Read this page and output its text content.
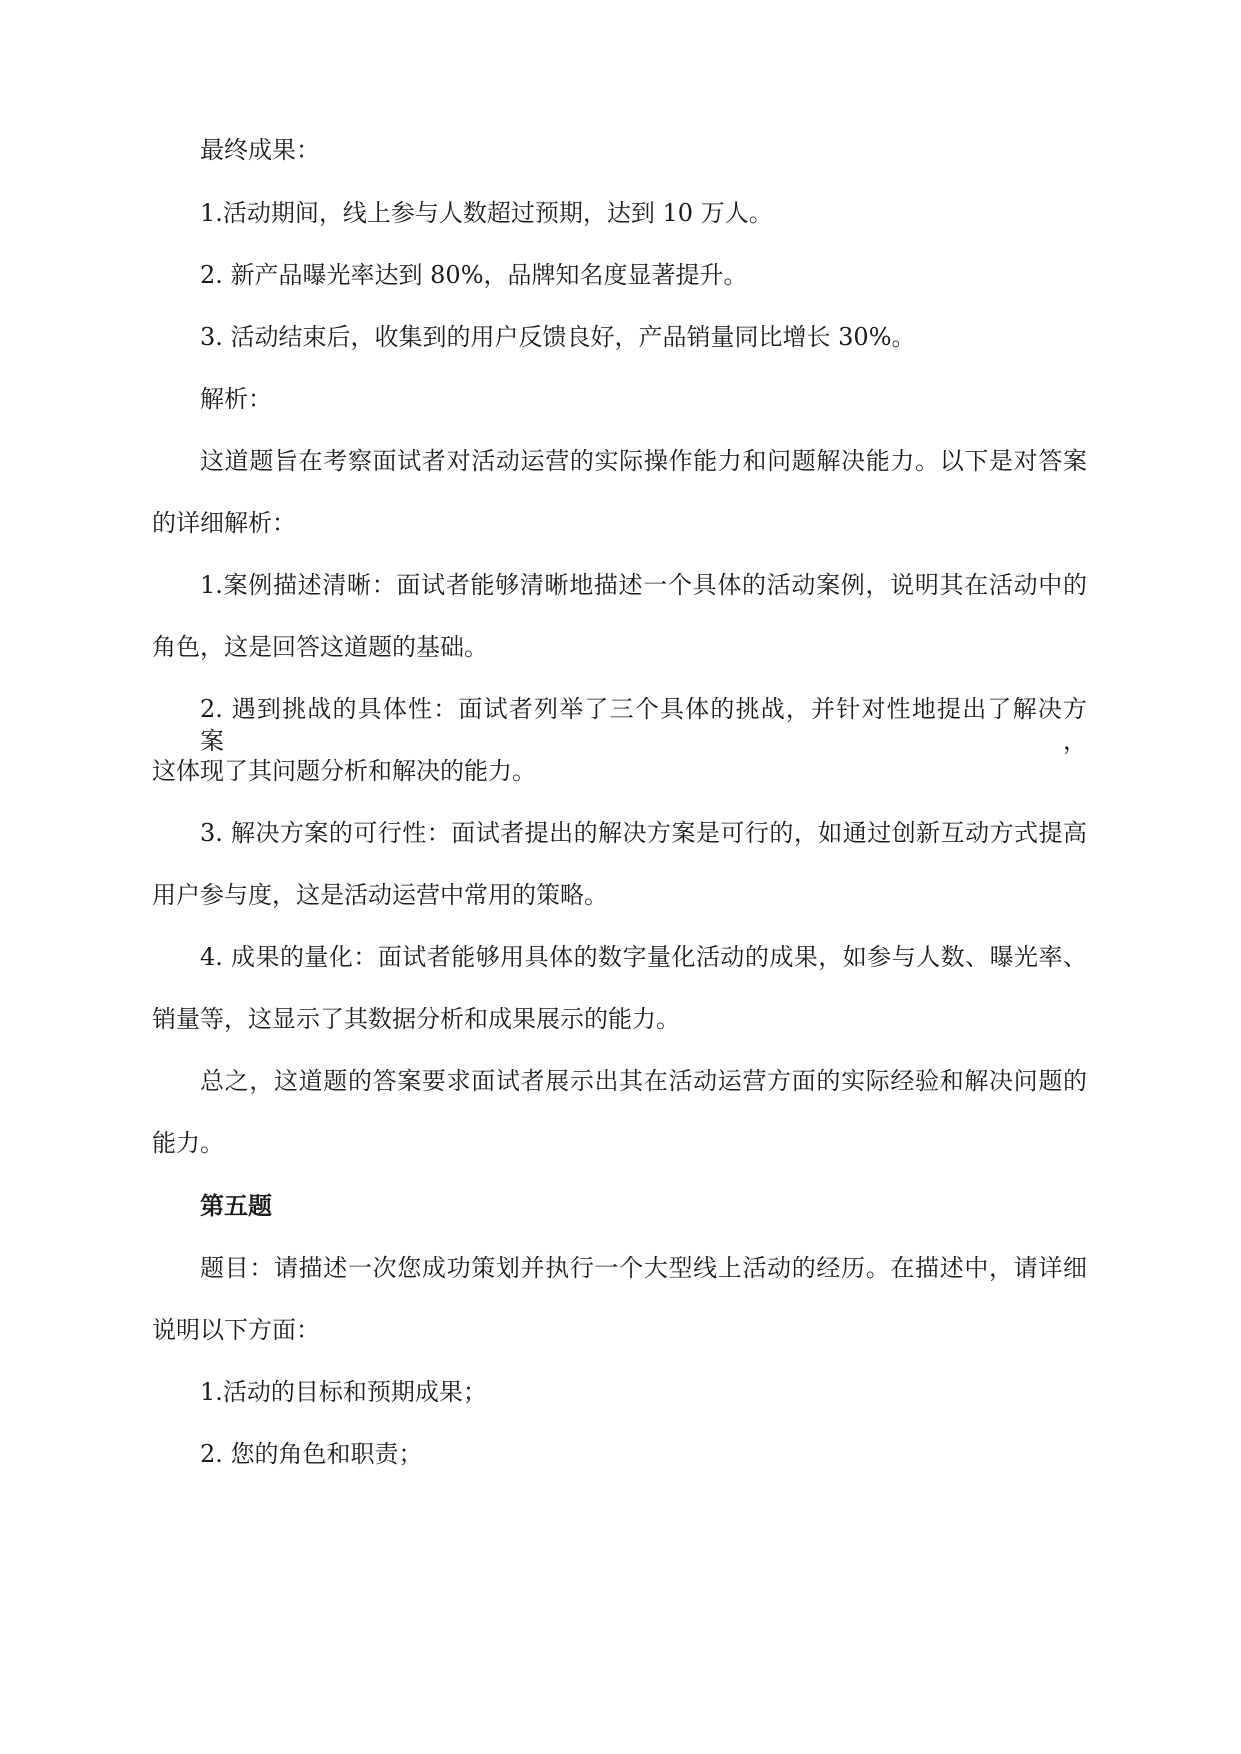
最终成果：
1.活动期间，线上参与人数超过预期，达到 10 万人。
2. 新产品曝光率达到 80%，品牌知名度显著提升。
3. 活动结束后，收集到的用户反馈良好，产品销量同比增长 30%。
解析：
这道题旨在考察面试者对活动运营的实际操作能力和问题解决能力。以下是对答案
的详细解析：
1.案例描述清晰：面试者能够清晰地描述一个具体的活动案例，说明其在活动中的
角色，这是回答这道题的基础。
2. 遇到挑战的具体性：面试者列举了三个具体的挑战，并针对性地提出了解决方案，
这体现了其问题分析和解决的能力。
3. 解决方案的可行性：面试者提出的解决方案是可行的，如通过创新互动方式提高
用户参与度，这是活动运营中常用的策略。
4. 成果的量化：面试者能够用具体的数字量化活动的成果，如参与人数、曝光率、
销量等，这显示了其数据分析和成果展示的能力。
总之，这道题的答案要求面试者展示出其在活动运营方面的实际经验和解决问题的
能力。
第五题
题目：请描述一次您成功策划并执行一个大型线上活动的经历。在描述中，请详细
说明以下方面：
1.活动的目标和预期成果；
2. 您的角色和职责；
